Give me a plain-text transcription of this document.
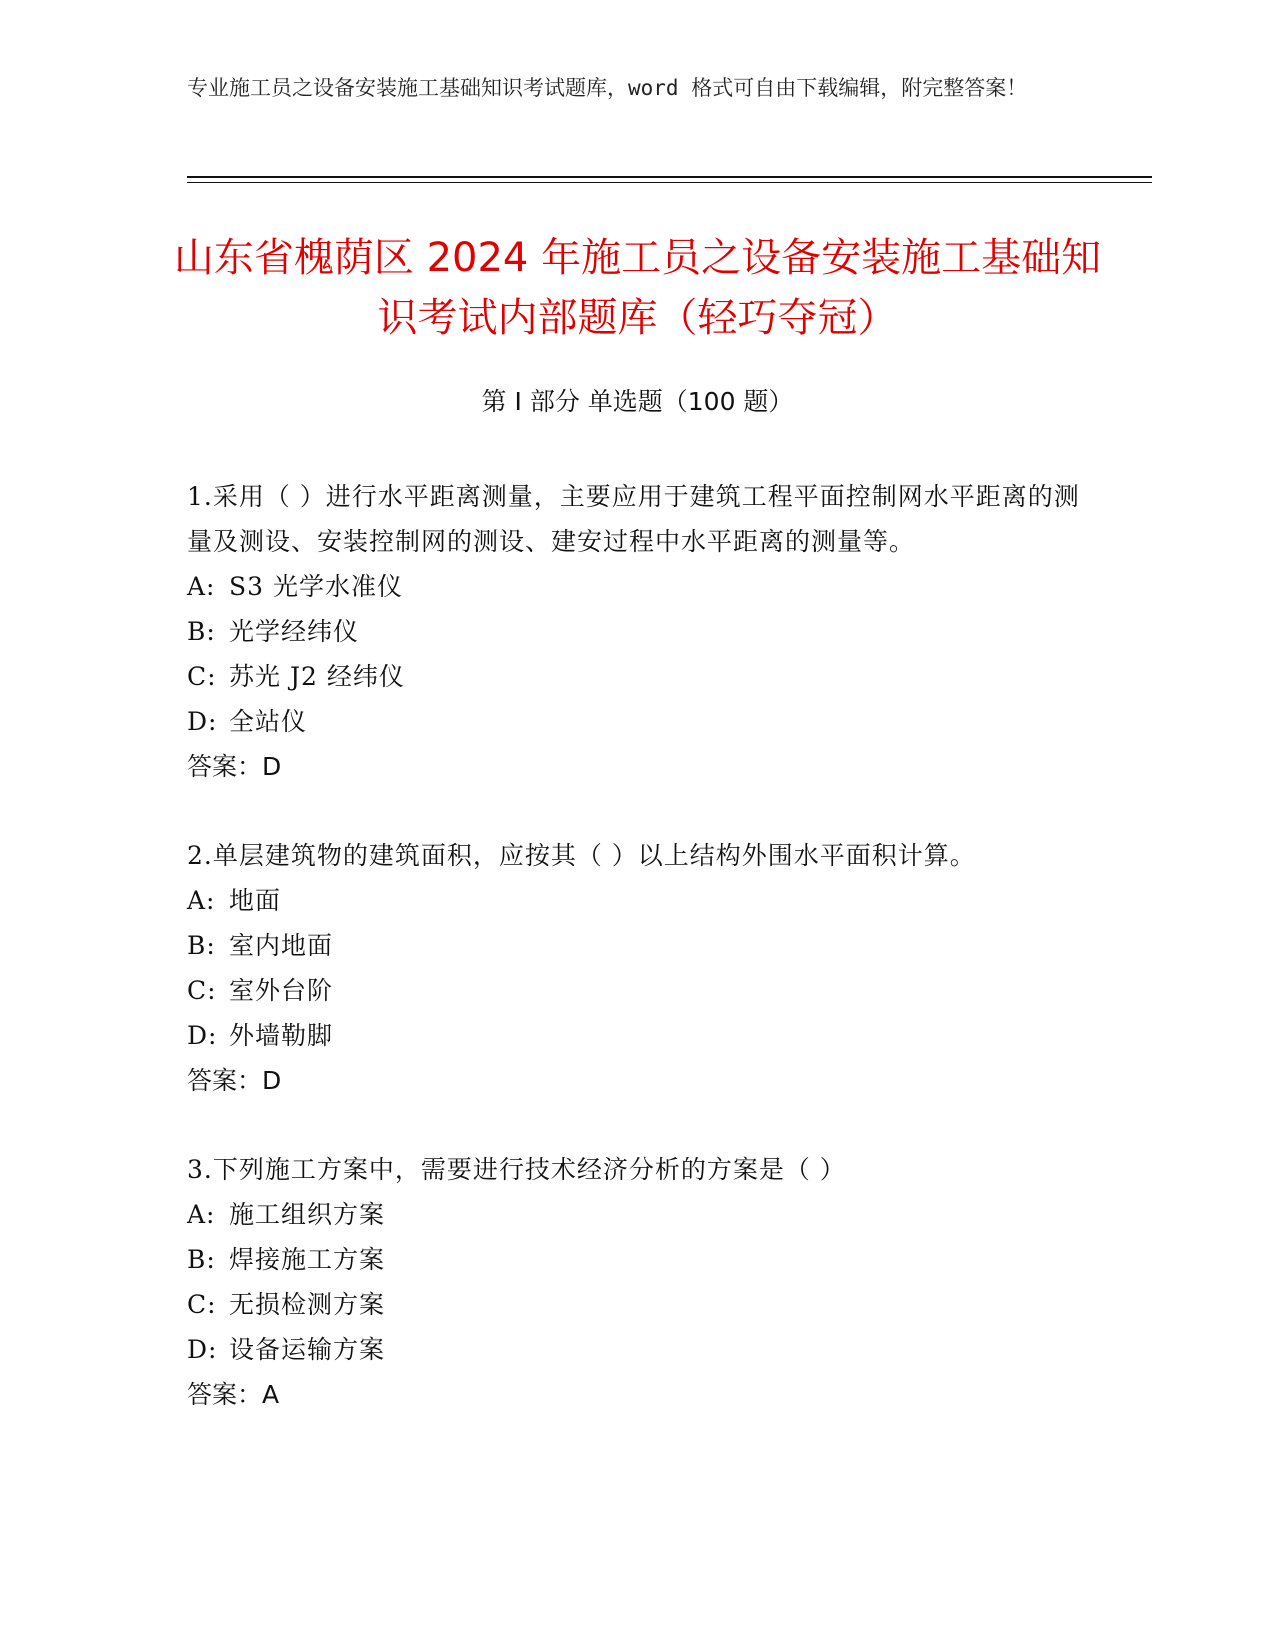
专业施工员之设备安装施工基础知识考试题库，word 格式可自由下载编辑，附完整答案！
山东省槐荫区 2024 年施工员之设备安装施工基础知识考试内部题库（轻巧夺冠）
第 I 部分 单选题（100 题）
1.采用（ ）进行水平距离测量，主要应用于建筑工程平面控制网水平距离的测量及测设、安装控制网的测设、建安过程中水平距离的测量等。
A: S3 光学水准仪
B: 光学经纬仪
C: 苏光 J2 经纬仪
D: 全站仪
答案：D
2.单层建筑物的建筑面积，应按其（ ）以上结构外围水平面积计算。
A: 地面
B: 室内地面
C: 室外台阶
D: 外墙勒脚
答案：D
3.下列施工方案中，需要进行技术经济分析的方案是（ ）
A: 施工组织方案
B: 焊接施工方案
C: 无损检测方案
D: 设备运输方案
答案：A
